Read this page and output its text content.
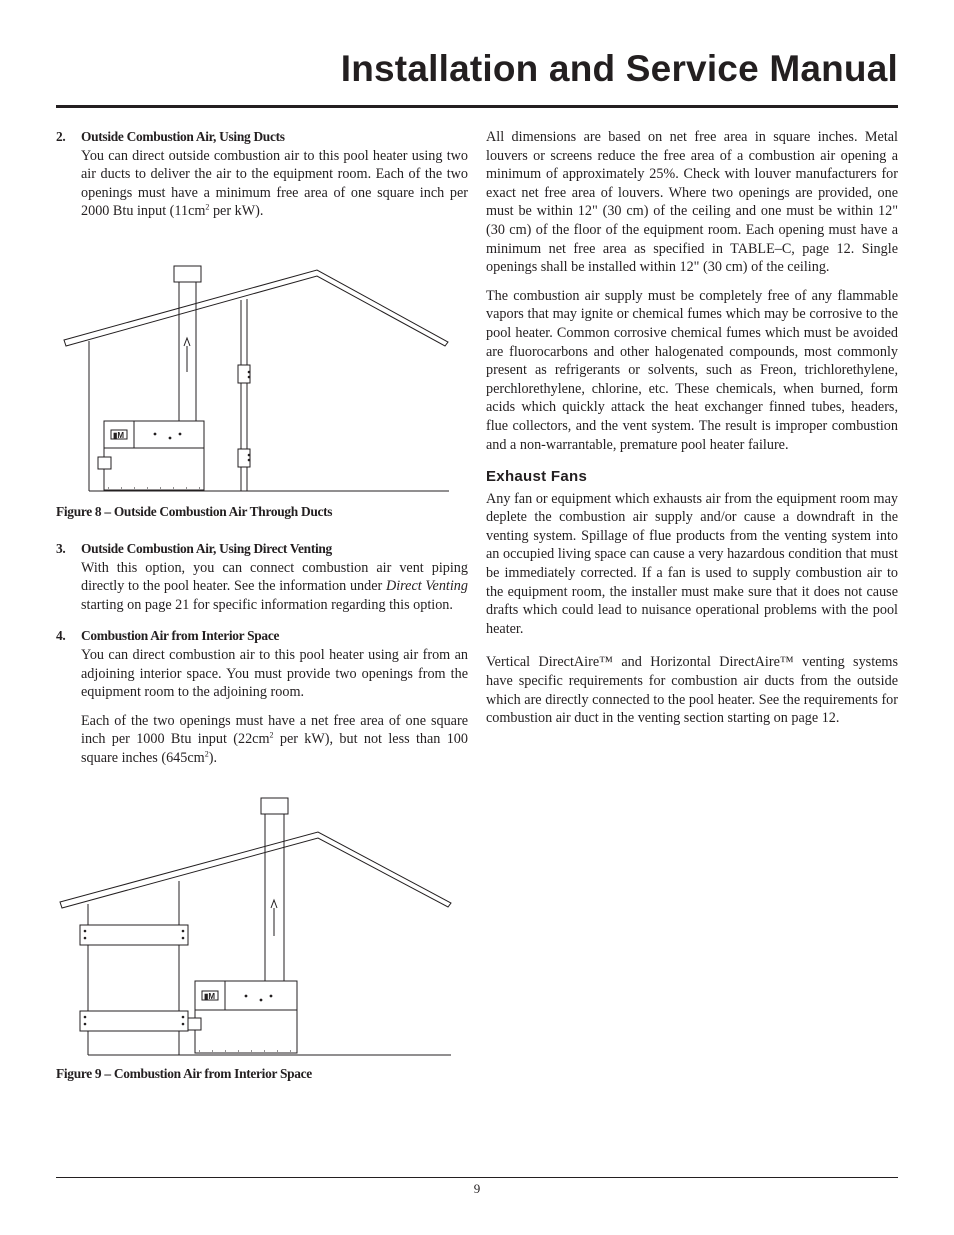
Installation and Service Manual
2. Outside Combustion Air, Using Ducts

You can direct outside combustion air to this pool heater using two air ducts to deliver the air to the equipment room. Each of the two openings must have a minimum free area of one square inch per 2000 Btu input ($11cm^2$ per kW).

▮M
Figure 8 – Outside Combustion Air Through Ducts
3. Outside Combustion Air, Using Direct Venting

With this option, you can connect combustion air vent piping directly to the pool heater. See the information under Direct Venting starting on page 21 for specific information regarding this option.

4. Combustion Air from Interior Space

You can direct combustion air to this pool heater using air from an adjoining interior space. You must provide two openings from the equipment room to the adjoining room.

Each of the two openings must have a net free area of one square inch per 1000 Btu input ($22cm^2$ per kW), but not less than 100 square inches $(645cm^2)$.

▮M
Figure 9 – Combustion Air from Interior Space

All dimensions are based on net free area in square inches. Metal louvers or screens reduce the free area of a combustion air opening a minimum of approximately 25%. Check with louver manufacturers for exact net free area of louvers. Where two openings are provided, one must be within 12" (30 cm) of the ceiling and one must be within 12" (30 cm) of the floor of the equipment room. Each opening must have a minimum net free area as specified in TABLE–C, page 12. Single openings shall be installed within 12" (30 cm) of the ceiling.

The combustion air supply must be completely free of any flammable vapors that may ignite or chemical fumes which may be corrosive to the pool heater. Common corrosive chemical fumes which must be avoided are fluorocarbons and other halogenated compounds, most commonly present as refrigerants or solvents, such as Freon, trichlorethylene, perchlorethylene, chlorine, etc. These chemicals, when burned, form acids which quickly attack the heat exchanger finned tubes, headers, flue collectors, and the vent system. The result is improper combustion and a non-warrantable, premature pool heater failure.

Exhaust Fans

Any fan or equipment which exhausts air from the equipment room may deplete the combustion air supply and/or cause a downdraft in the venting system. Spillage of flue products from the venting system into an occupied living space can cause a very hazardous condition that must be immediately corrected. If a fan is used to supply combustion air to the equipment room, the installer must make sure that it does not cause drafts which could lead to nuisance operational problems with the pool heater.

Vertical DirectAire™ and Horizontal DirectAire™ venting systems have specific requirements for combustion air ducts from the outside which are directly connected to the pool heater. See the requirements for combustion air duct in the venting section starting on page 12.

9
